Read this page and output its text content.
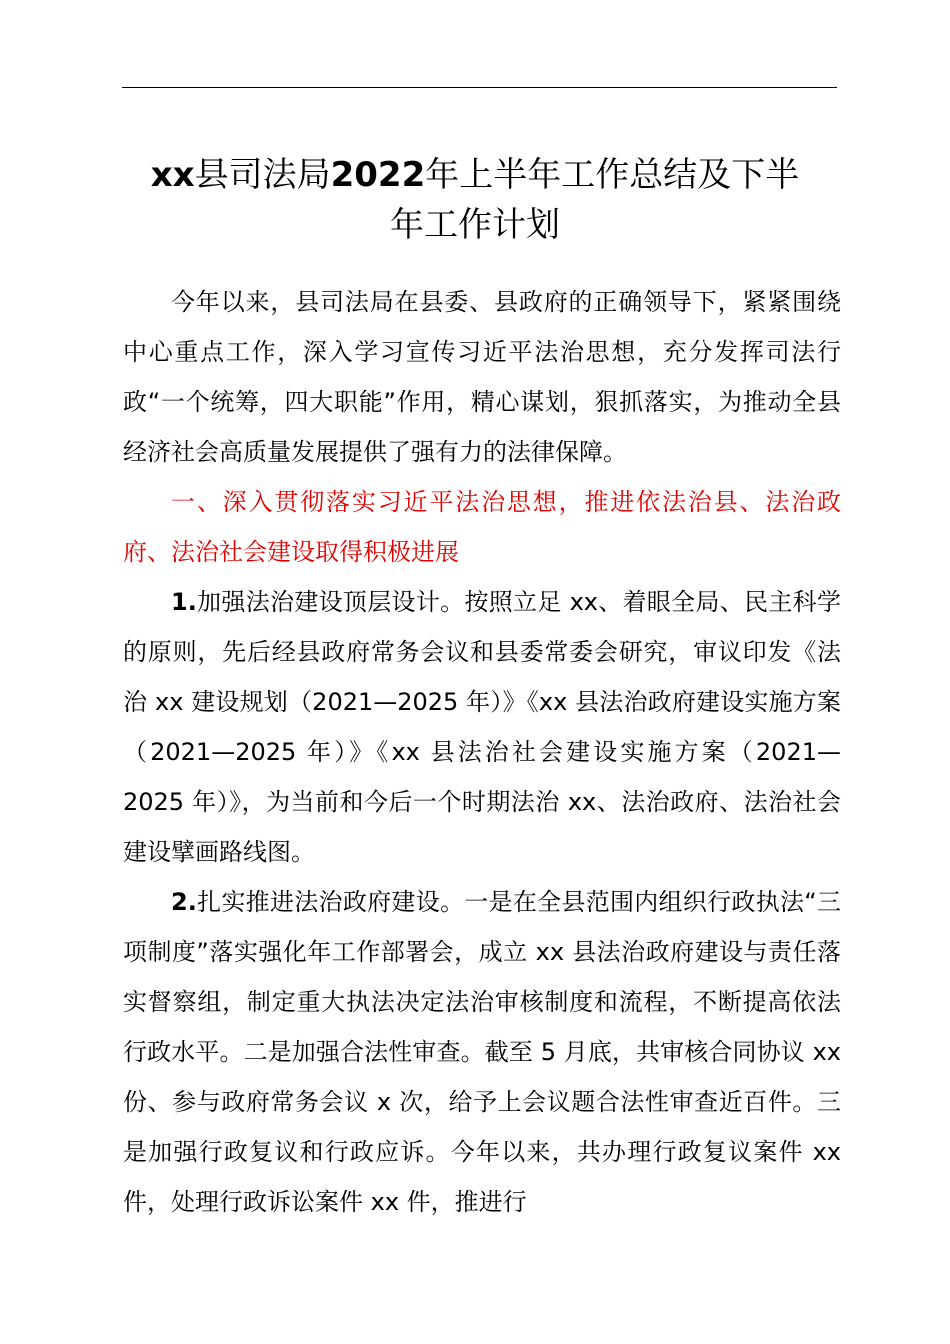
xx县司法局2022年上半年工作总结及下半
年工作计划

今年以来，县司法局在县委、县政府的正确领导下，紧紧围绕中心重点工作，深入学习宣传习近平法治思想，充分发挥司法行政“一个统筹，四大职能”作用，精心谋划，狠抓落实，为推动全县经济社会高质量发展提供了强有力的法律保障。

一、深入贯彻落实习近平法治思想，推进依法治县、法治政府、法治社会建设取得积极进展

1.加强法治建设顶层设计。按照立足 xx、着眼全局、民主科学的原则，先后经县政府常务会议和县委常委会研究，审议印发《法治 xx 建设规划（2021—2025 年）》《xx 县法治政府建设实施方案（2021—2025 年）》《xx 县法治社会建设实施方案（2021—2025 年）》，为当前和今后一个时期法治 xx、法治政府、法治社会建设擘画路线图。

2.扎实推进法治政府建设。一是在全县范围内组织行政执法“三项制度”落实强化年工作部署会，成立 xx 县法治政府建设与责任落实督察组，制定重大执法决定法治审核制度和流程，不断提高依法行政水平。二是加强合法性审查。截至 5 月底，共审核合同协议 xx 份、参与政府常务会议 x 次，给予上会议题合法性审查近百件。三是加强行政复议和行政应诉。今年以来，共办理行政复议案件 xx 件，处理行政诉讼案件 xx 件，推进行
